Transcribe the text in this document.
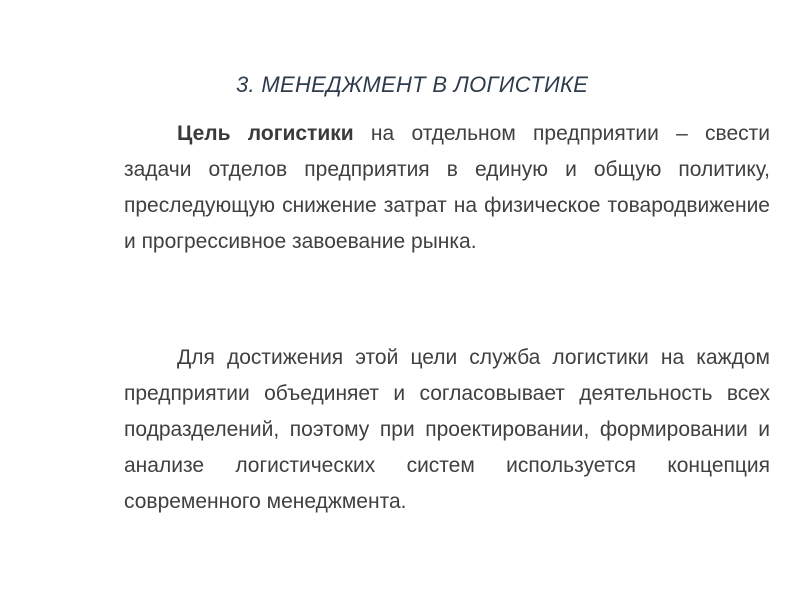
3. МЕНЕДЖМЕНТ В ЛОГИСТИКЕ

Цель логистики на отдельном предприятии – свести задачи отделов предприятия в единую и общую политику, преследующую снижение затрат на физическое товародвижение и прогрессивное завоевание рынка.

Для достижения этой цели служба логистики на каждом предприятии объединяет и согласовывает деятельность всех подразделений, поэтому при проектировании, формировании и анализе логистических систем используется концепция современного менеджмента.
